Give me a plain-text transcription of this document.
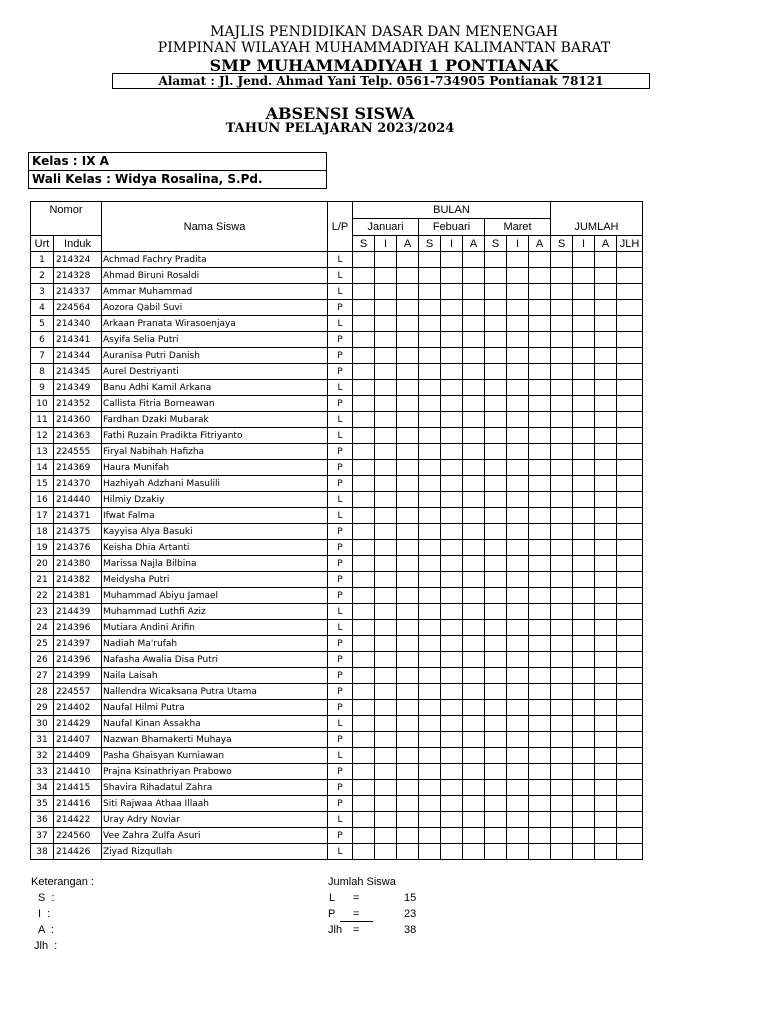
MAJLIS PENDIDIKAN DASAR DAN MENENGAH
PIMPINAN WILAYAH MUHAMMADIYAH KALIMANTAN BARAT
SMP MUHAMMADIYAH 1 PONTIANAK
Alamat : Jl. Jend. Ahmad Yani Telp. 0561-734905 Pontianak 78121
ABSENSI SISWA
TAHUN PELAJARAN 2023/2024
Kelas : IX A
Wali Kelas : Widya Rosalina, S.Pd.
Nomor		Nama Siswa	L/P	BULAN												
				Januari			Febuari			Maret			JUMLAH			
Urt	Induk			S	I	A	S	I	A	S	I	A	S	I	A	JLH
1	214324	Achmad Fachry Pradita	L													
2	214328	Ahmad Biruni Rosaldi	L													
3	214337	Ammar Muhammad	L													
4	224564	Aozora Qabil Suvi	P													
5	214340	Arkaan Pranata Wirasoenjaya	L													
6	214341	Asyifa Selia Putri	P													
7	214344	Auranisa Putri Danish	P													
8	214345	Aurel Destriyanti	P													
9	214349	Banu Adhi Kamil Arkana	L													
10	214352	Callista Fitria Borneawan	P													
11	214360	Fardhan Dzaki Mubarak	L													
12	214363	Fathi Ruzain Pradikta Fitriyanto	L													
13	224555	Firyal Nabihah Hafizha	P													
14	214369	Haura Munifah	P													
15	214370	Hazhiyah Adzhani Masulili	P													
16	214440	Hilmiy Dzakiy	L													
17	214371	Ifwat Falma	L													
18	214375	Kayyisa Alya Basuki	P													
19	214376	Keisha Dhia Artanti	P													
20	214380	Marissa Najla Bilbina	P													
21	214382	Meidysha Putri	P													
22	214381	Muhammad Abiyu Jamael	P													
23	214439	Muhammad Luthfi Aziz	L													
24	214396	Mutiara Andini Arifin	L													
25	214397	Nadiah Ma'rufah	P													
26	214396	Nafasha Awalia Disa Putri	P													
27	214399	Naila Laisah	P													
28	224557	Nallendra Wicaksana Putra Utama	P													
29	214402	Naufal Hilmi Putra	P													
30	214429	Naufal Kinan Assakha	L													
31	214407	Nazwan Bhamakerti Muhaya	P													
32	214409	Pasha Ghaisyan Kurniawan	L													
33	214410	Prajna Ksinathriyan Prabowo	P													
34	214415	Shavira Rihadatul Zahra	P													
35	214416	Siti Rajwaa Athaa Illaah	P													
36	214422	Uray Adry Noviar	L													
37	224560	Vee Zahra Zulfa Asuri	P													
38	214426	Ziyad Rizqullah	L													
Keterangan :
S  :
I  :
A  :
Jlh  :
Jumlah Siswa
L =	15
P =	23
Jlh =	38
